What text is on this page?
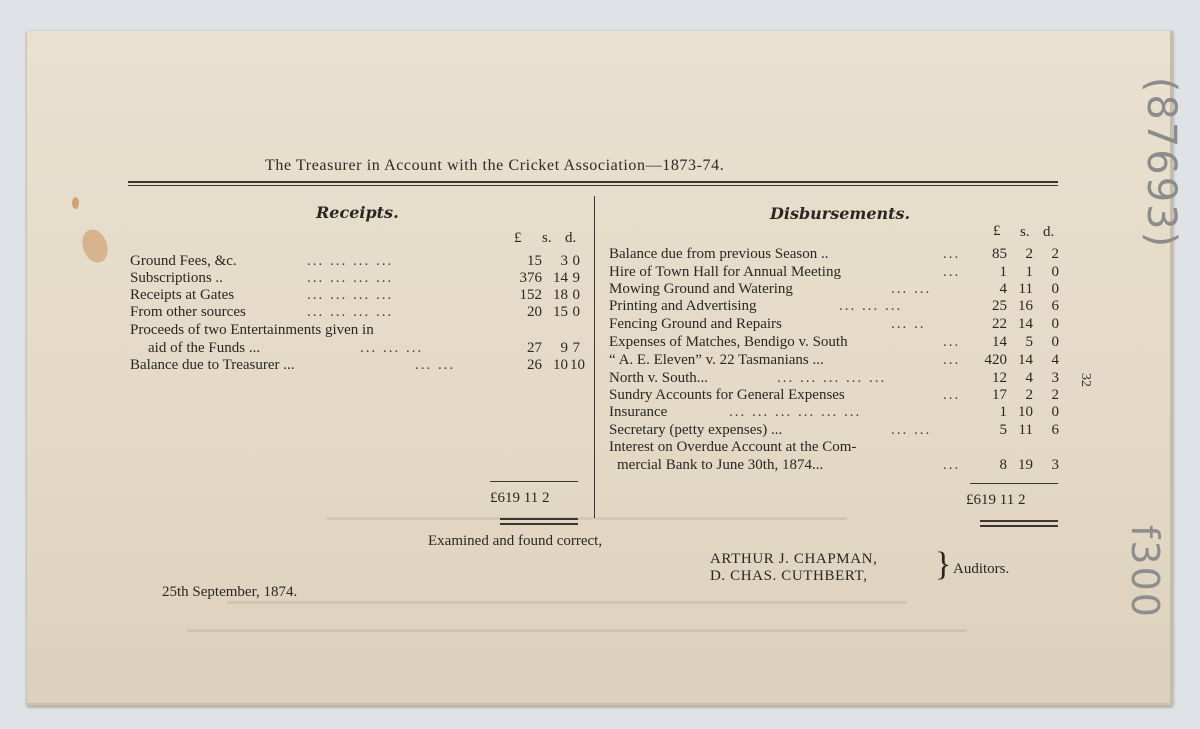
The Treasurer in Account with the Cricket Association—1873-74.
Receipts.
£ s. d.
Ground Fees, &c.	... ... ... ...	15	3 0
Subscriptions ..	... ... ... ...	376 14 9
Receipts at Gates	... ... ... ...	152 18 0
From other sources	... ... ... ...	20 15 0
Proceeds of two Entertainments given in
aid of the Funds ...	... ... ...	27	9 7
Balance due to Treasurer ...	... ...	26 10 10
£619 11 2
Disbursements.
£ s. d.
Balance due from previous Season ..	...	85	2	2
Hire of Town Hall for Annual Meeting	...	1	1	0
Mowing Ground and Watering	... ...	4 11	0
Printing and Advertising	... ... ...	25 16	6
Fencing Ground and Repairs	... ..	22 14	0
Expenses of Matches, Bendigo v. South	...	14	5	0
“ A. E. Eleven” v. 22 Tasmanians ...	...	420 14	4
North v. South...	... ... ... ... ...	12	4	3
Sundry Accounts for General Expenses	...	17	2	2
Insurance	... ... ... ... ... ...	1 10	0
Secretary (petty expenses) ...	... ...	5 11	6
Interest on Overdue Account at the Com-
mercial Bank to June 30th, 1874...	...	8 19	3
£619 11 2
Examined and found correct,
ARTHUR J. CHAPMAN,
D. CHAS. CUTHBERT, } Auditors.
25th September, 1874.
32
(87693)
f300
